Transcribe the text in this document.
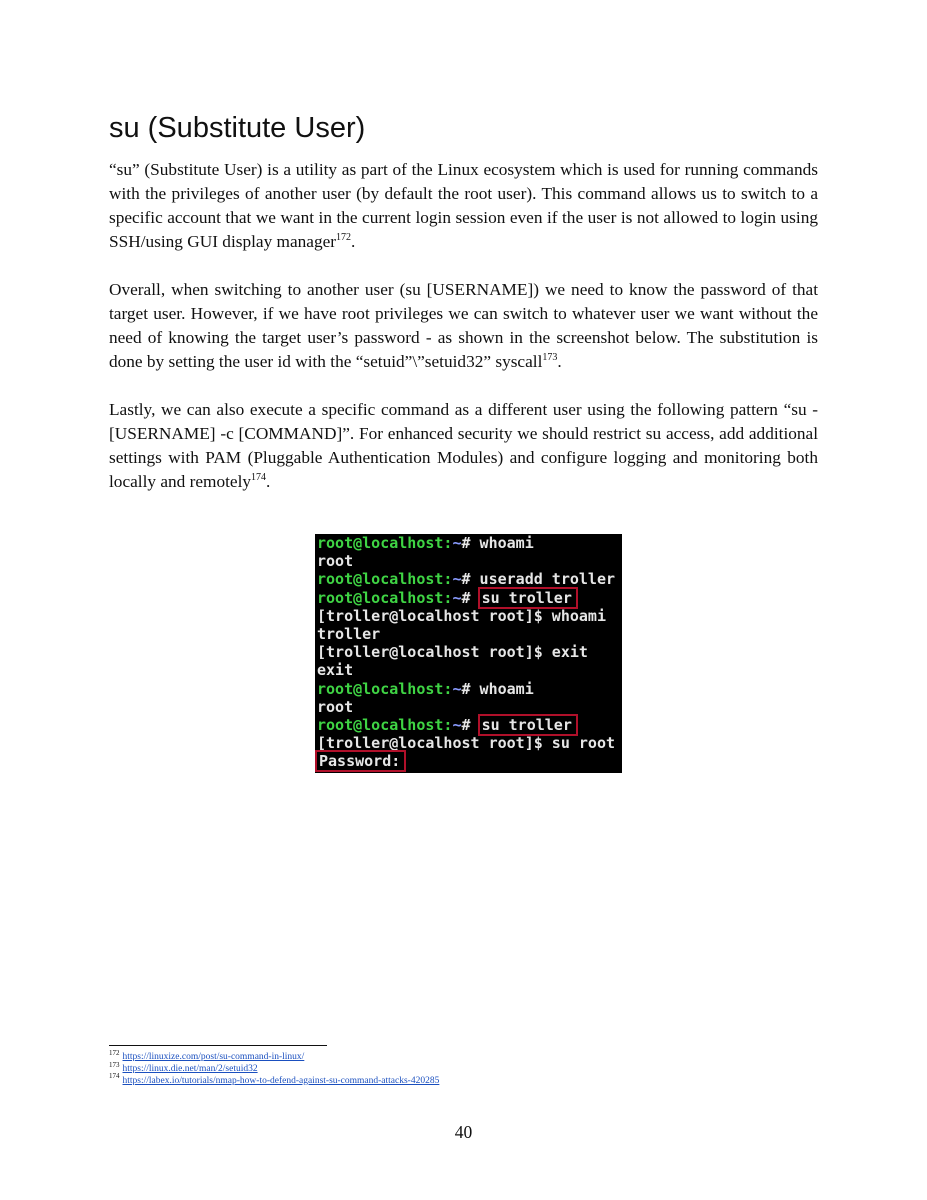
su (Substitute User)

“su” (Substitute User) is a utility as part of the Linux ecosystem which is used for running commands with the privileges of another user (by default the root user). This command allows us to switch to a specific account that we want in the current login session even if the user is not allowed to login using SSH/using GUI display manager$^{172}$.

Overall, when switching to another user (su [USERNAME]) we need to know the password of that target user. However, if we have root privileges we can switch to whatever user we want without the need of knowing the target user’s password - as shown in the screenshot below. The substitution is done by setting the user id with the “setuid”\”setuid32” syscall$^{173}$.

Lastly, we can also execute a specific command as a different user using the following pattern “su - [USERNAME] -c [COMMAND]”. For enhanced security we should restrict su access, add additional settings with PAM (Pluggable Authentication Modules) and configure logging and monitoring both locally and remotely$^{174}$.

root@localhost:~# whoami
root
root@localhost:~# useradd troller
root@localhost:~# su troller
[troller@localhost root]$ whoami
troller
[troller@localhost root]$ exit
exit
root@localhost:~# whoami
root
root@localhost:~# su troller
[troller@localhost root]$ su root
Password:
$^{172}$ https://linuxize.com/post/su-command-in-linux/
$^{173}$ https://linux.die.net/man/2/setuid32
$^{174}$ https://labex.io/tutorials/nmap-how-to-defend-against-su-command-attacks-420285
40
